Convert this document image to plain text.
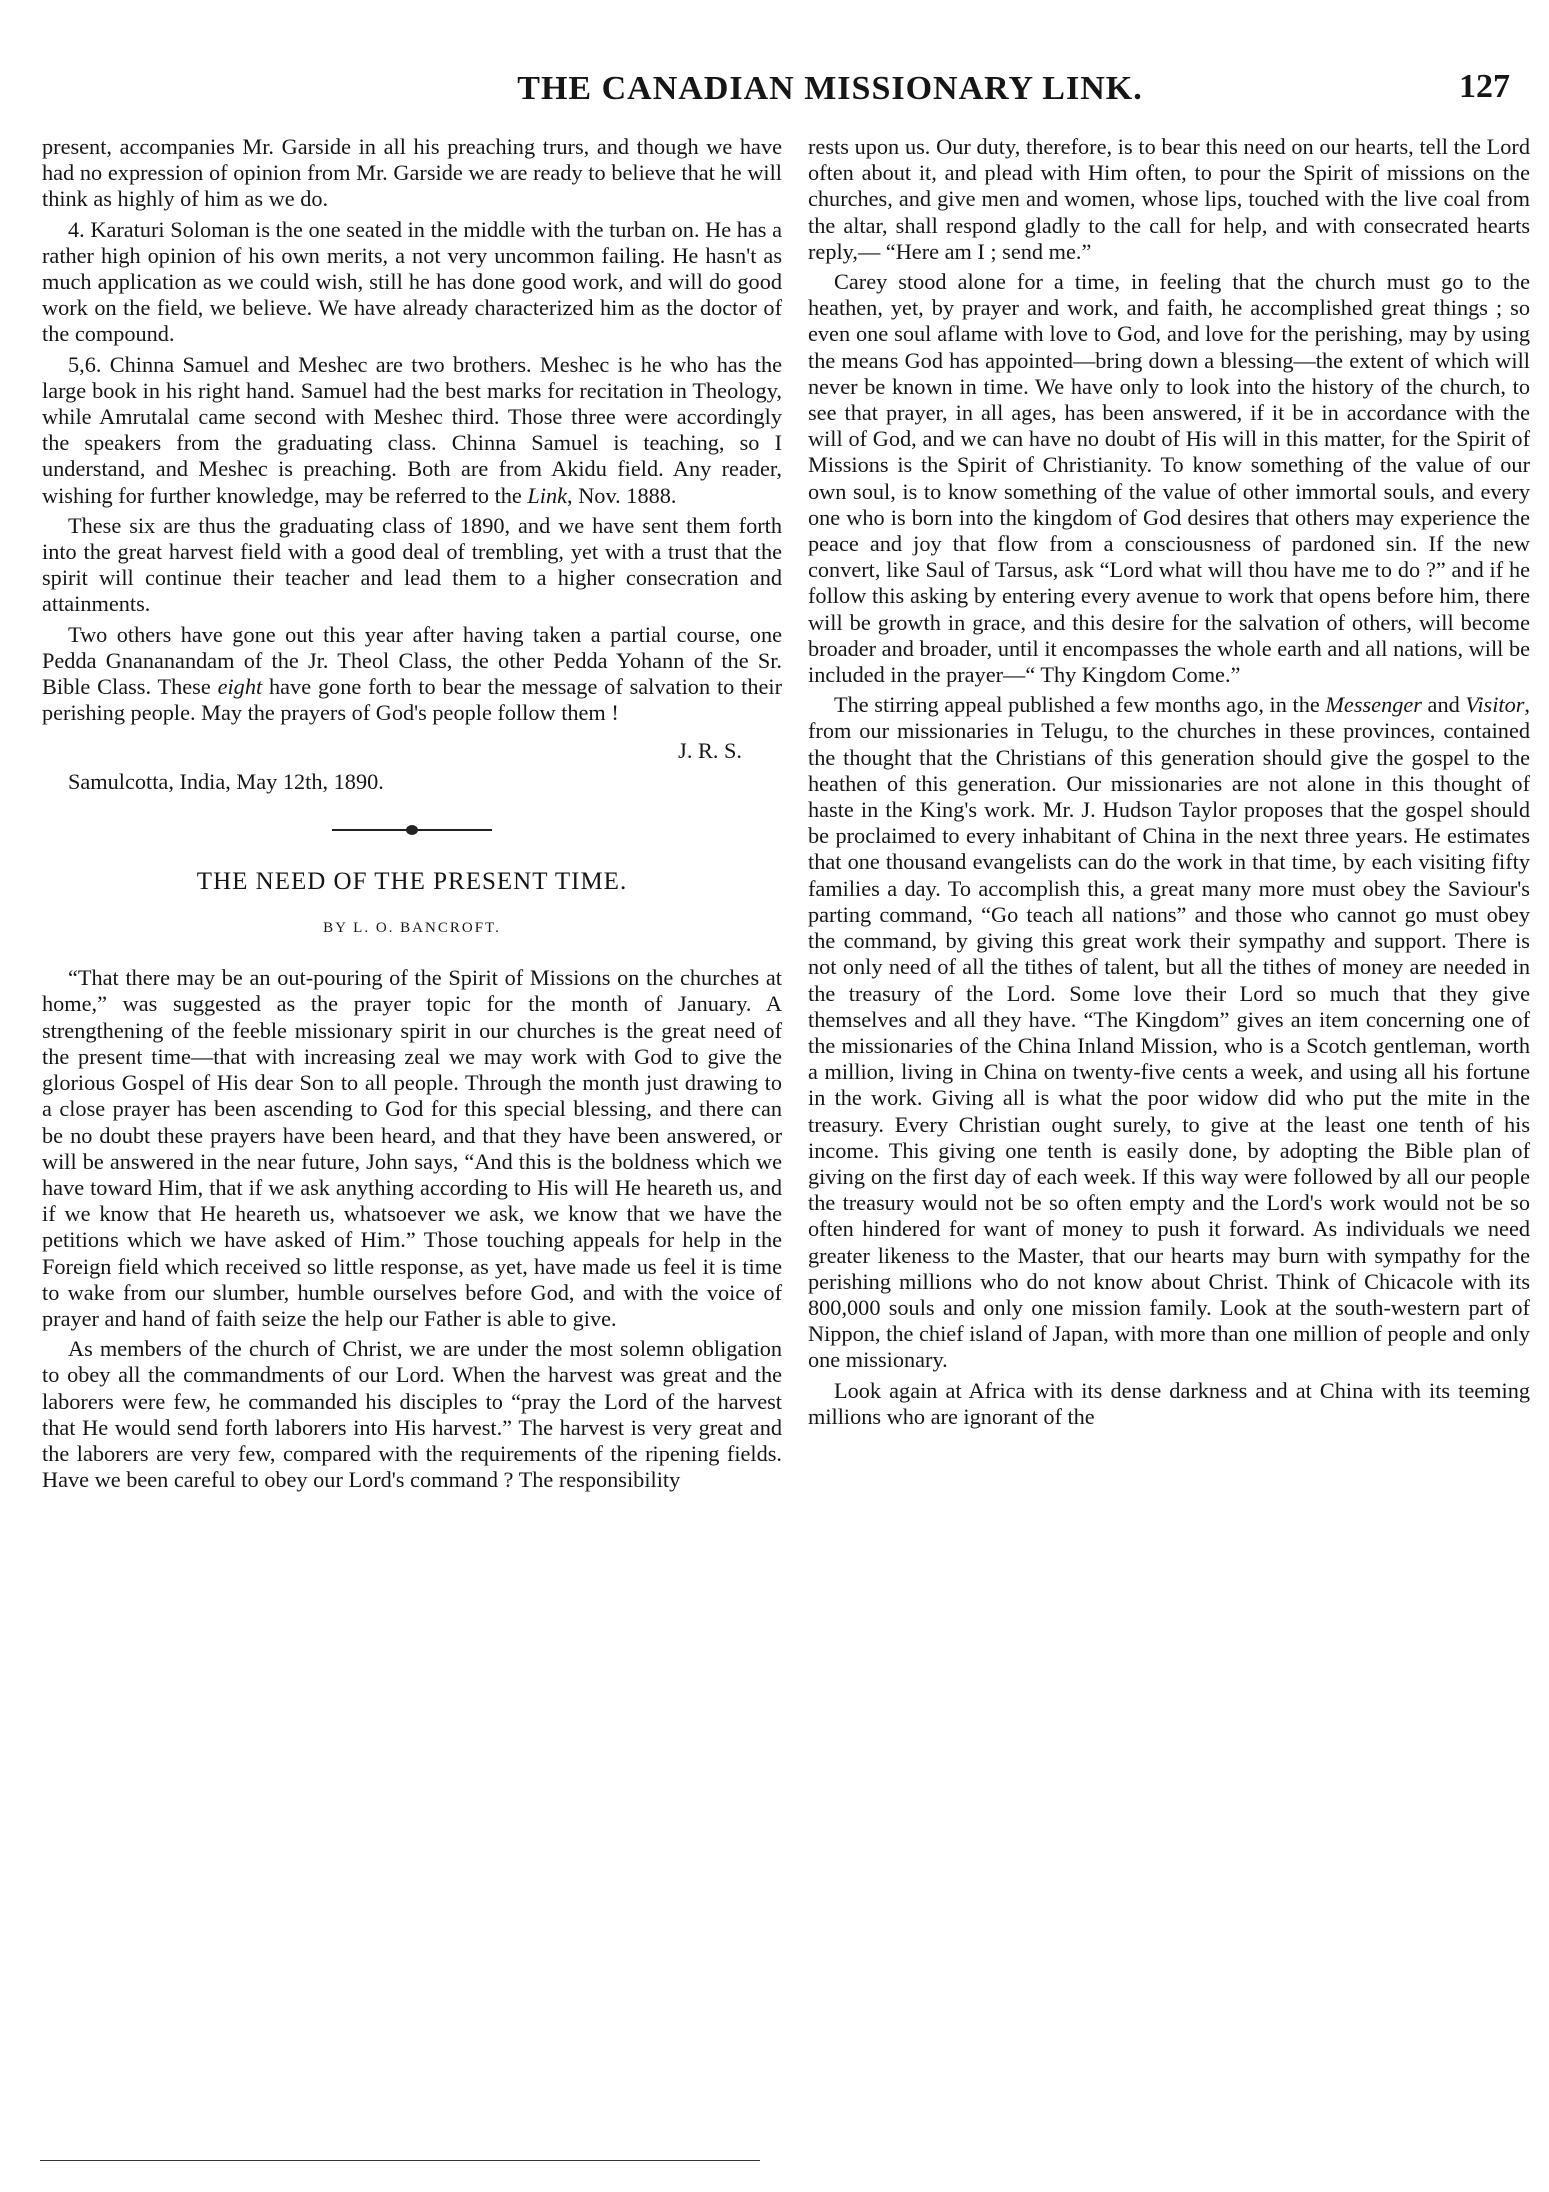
THE CANADIAN MISSIONARY LINK.	127

present, accompanies Mr. Garside in all his preaching trurs, and though we have had no expression of opinion from Mr. Garside we are ready to believe that he will think as highly of him as we do.

4. Karaturi Soloman is the one seated in the middle with the turban on. He has a rather high opinion of his own merits, a not very uncommon failing. He hasn't as much application as we could wish, still he has done good work, and will do good work on the field, we believe. We have already characterized him as the doctor of the compound.

5,6. Chinna Samuel and Meshec are two brothers. Meshec is he who has the large book in his right hand. Samuel had the best marks for recitation in Theology, while Amrutalal came second with Meshec third. Those three were accordingly the speakers from the graduating class. Chinna Samuel is teaching, so I understand, and Meshec is preaching. Both are from Akidu field. Any reader, wishing for further knowledge, may be referred to the Link, Nov. 1888.

These six are thus the graduating class of 1890, and we have sent them forth into the great harvest field with a good deal of trembling, yet with a trust that the spirit will continue their teacher and lead them to a higher consecration and attainments.

Two others have gone out this year after having taken a partial course, one Pedda Gnananandam of the Jr. Theol Class, the other Pedda Yohann of the Sr. Bible Class. These eight have gone forth to bear the message of salvation to their perishing people. May the prayers of God's people follow them !

J. R. S.
Samulcotta, India, May 12th, 1890.
THE NEED OF THE PRESENT TIME.
BY L. O. BANCROFT.

“That there may be an out-pouring of the Spirit of Missions on the churches at home,” was suggested as the prayer topic for the month of January. A strengthening of the feeble missionary spirit in our churches is the great need of the present time—that with increasing zeal we may work with God to give the glorious Gospel of His dear Son to all people. Through the month just drawing to a close prayer has been ascending to God for this special blessing, and there can be no doubt these prayers have been heard, and that they have been answered, or will be answered in the near future, John says, “And this is the boldness which we have toward Him, that if we ask anything according to His will He heareth us, and if we know that He heareth us, whatsoever we ask, we know that we have the petitions which we have asked of Him.” Those touching appeals for help in the Foreign field which received so little response, as yet, have made us feel it is time to wake from our slumber, humble ourselves before God, and with the voice of prayer and hand of faith seize the help our Father is able to give.

As members of the church of Christ, we are under the most solemn obligation to obey all the commandments of our Lord. When the harvest was great and the laborers were few, he commanded his disciples to “pray the Lord of the harvest that He would send forth laborers into His harvest.” The harvest is very great and the laborers are very few, compared with the requirements of the ripening fields. Have we been careful to obey our Lord's command ? The responsibility

rests upon us. Our duty, therefore, is to bear this need on our hearts, tell the Lord often about it, and plead with Him often, to pour the Spirit of missions on the churches, and give men and women, whose lips, touched with the live coal from the altar, shall respond gladly to the call for help, and with consecrated hearts reply,— “Here am I ; send me.”

Carey stood alone for a time, in feeling that the church must go to the heathen, yet, by prayer and work, and faith, he accomplished great things ; so even one soul aflame with love to God, and love for the perishing, may by using the means God has appointed—bring down a blessing—the extent of which will never be known in time. We have only to look into the history of the church, to see that prayer, in all ages, has been answered, if it be in accordance with the will of God, and we can have no doubt of His will in this matter, for the Spirit of Missions is the Spirit of Christianity. To know something of the value of our own soul, is to know something of the value of other immortal souls, and every one who is born into the kingdom of God desires that others may experience the peace and joy that flow from a consciousness of pardoned sin. If the new convert, like Saul of Tarsus, ask “Lord what will thou have me to do ?” and if he follow this asking by entering every avenue to work that opens before him, there will be growth in grace, and this desire for the salvation of others, will become broader and broader, until it encompasses the whole earth and all nations, will be included in the prayer—“ Thy Kingdom Come.”

The stirring appeal published a few months ago, in the Messenger and Visitor, from our missionaries in Telugu, to the churches in these provinces, contained the thought that the Christians of this generation should give the gospel to the heathen of this generation. Our missionaries are not alone in this thought of haste in the King's work. Mr. J. Hudson Taylor proposes that the gospel should be proclaimed to every inhabitant of China in the next three years. He estimates that one thousand evangelists can do the work in that time, by each visiting fifty families a day. To accomplish this, a great many more must obey the Saviour's parting command, “Go teach all nations” and those who cannot go must obey the command, by giving this great work their sympathy and support. There is not only need of all the tithes of talent, but all the tithes of money are needed in the treasury of the Lord. Some love their Lord so much that they give themselves and all they have. “The Kingdom” gives an item concerning one of the missionaries of the China Inland Mission, who is a Scotch gentleman, worth a million, living in China on twenty-five cents a week, and using all his fortune in the work. Giving all is what the poor widow did who put the mite in the treasury. Every Christian ought surely, to give at the least one tenth of his income. This giving one tenth is easily done, by adopting the Bible plan of giving on the first day of each week. If this way were followed by all our people the treasury would not be so often empty and the Lord's work would not be so often hindered for want of money to push it forward. As individuals we need greater likeness to the Master, that our hearts may burn with sympathy for the perishing millions who do not know about Christ. Think of Chicacole with its 800,000 souls and only one mission family. Look at the south-western part of Nippon, the chief island of Japan, with more than one million of people and only one missionary.

Look again at Africa with its dense darkness and at China with its teeming millions who are ignorant of the
